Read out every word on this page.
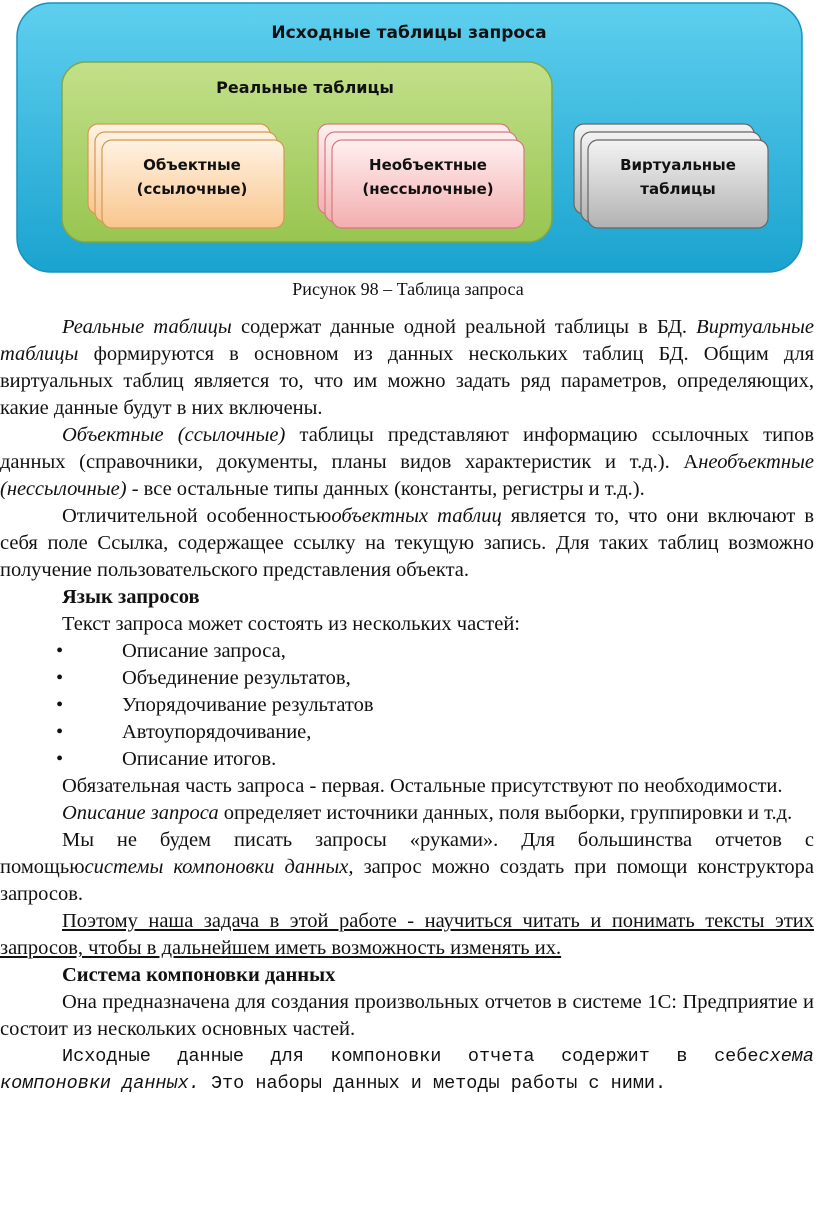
Исходные таблицы запроса
Реальные таблицы
Объектные
(ссылочные)
Необъектные
(нессылочные)
Виртуальные
таблицы
Рисунок 98 – Таблица запроса

Реальные таблицы содержат данные одной реальной таблицы в БД. Виртуальные таблицы формируются в основном из данных нескольких таблиц БД. Общим для виртуальных таблиц является то, что им можно задать ряд параметров, определяющих, какие данные будут в них включены.

Объектные (ссылочные) таблицы представляют информацию ссылочных типов данных (справочники, документы, планы видов характеристик и т.д.). Анеобъектные (нессылочные) - все остальные типы данных (константы, регистры и т.д.).

Отличительной особенностьюобъектных таблиц является то, что они включают в себя поле Ссылка, содержащее ссылку на текущую запись. Для таких таблиц возможно получение пользовательского представления объекта.

Язык запросов

Текст запроса может состоять из нескольких частей:

•	Описание запроса,

•	Объединение результатов,

•	Упорядочивание результатов

•	Автоупорядочивание,

•	Описание итогов.

Обязательная часть запроса - первая. Остальные присутствуют по необходимости.

Описание запроса определяет источники данных, поля выборки, группировки и т.д.

Мы не будем писать запросы «руками». Для большинства отчетов с помощьюсистемы компоновки данных, запрос можно создать при помощи конструктора запросов.

Поэтому наша задача в этой работе - научиться читать и понимать тексты этих запросов, чтобы в дальнейшем иметь возможность изменять их.

Система компоновки данных

Она предназначена для создания произвольных отчетов в системе 1С: Предприятие и состоит из нескольких основных частей.

Исходные данные для компоновки отчета содержит в себесхема компоновки данных. Это наборы данных и методы работы с ними.
